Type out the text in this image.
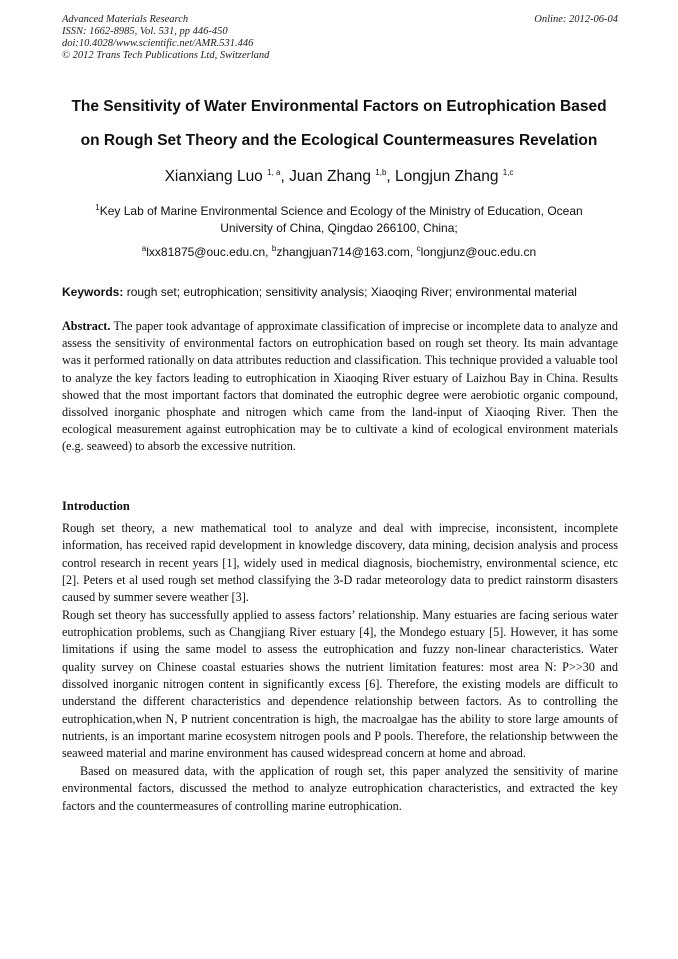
Advanced Materials Research
ISSN: 1662-8985, Vol. 531, pp 446-450
doi:10.4028/www.scientific.net/AMR.531.446
© 2012 Trans Tech Publications Ltd, Switzerland
Online: 2012-06-04
The Sensitivity of Water Environmental Factors on Eutrophication Based
on Rough Set Theory and the Ecological Countermeasures Revelation
Xianxiang Luo $^{1, a}$, Juan Zhang $^{1,b}$, Longjun Zhang $^{1,c}$
$^1$Key Lab of Marine Environmental Science and Ecology of the Ministry of Education, Ocean
University of China, Qingdao 266100, China;
$^a$lxx81875@ouc.edu.cn, $^b$zhangjuan714@163.com, $^c$longjunz@ouc.edu.cn
Keywords: rough set; eutrophication; sensitivity analysis; Xiaoqing River; environmental material
Abstract. The paper took advantage of approximate classification of imprecise or incomplete data to analyze and assess the sensitivity of environmental factors on eutrophication based on rough set theory. Its main advantage was it performed rationally on data attributes reduction and classification. This technique provided a valuable tool to analyze the key factors leading to eutrophication in Xiaoqing River estuary of Laizhou Bay in China. Results showed that the most important factors that dominated the eutrophic degree were aerobiotic organic compound, dissolved inorganic phosphate and nitrogen which came from the land-input of Xiaoqing River. Then the ecological measurement against eutrophication may be to cultivate a kind of ecological environment materials (e.g. seaweed) to absorb the excessive nutrition.
Introduction

Rough set theory, a new mathematical tool to analyze and deal with imprecise, inconsistent, incomplete information, has received rapid development in knowledge discovery, data mining, decision analysis and process control research in recent years [1], widely used in medical diagnosis, biochemistry, environmental science, etc [2]. Peters et al used rough set method classifying the 3-D radar meteorology data to predict rainstorm disasters caused by summer severe weather [3].

Rough set theory has successfully applied to assess factors’ relationship. Many estuaries are facing serious water eutrophication problems, such as Changjiang River estuary [4], the Mondego estuary [5]. However, it has some limitations if using the same model to assess the eutrophication and fuzzy non-linear characteristics. Water quality survey on Chinese coastal estuaries shows the nutrient limitation features: most area N: P>>30 and dissolved inorganic nitrogen content in significantly excess [6]. Therefore, the existing models are difficult to understand the different characteristics and dependence relationship between factors. As to controlling the eutrophication,when N, P nutrient concentration is high, the macroalgae has the ability to store large amounts of nutrients, is an important marine ecosystem nitrogen pools and P pools. Therefore, the relationship betwween the seaweed material and marine environment has caused widespread concern at home and abroad.

Based on measured data, with the application of rough set, this paper analyzed the sensitivity of marine environmental factors, discussed the method to analyze eutrophication characteristics, and extracted the key factors and the countermeasures of controlling marine eutrophication.
